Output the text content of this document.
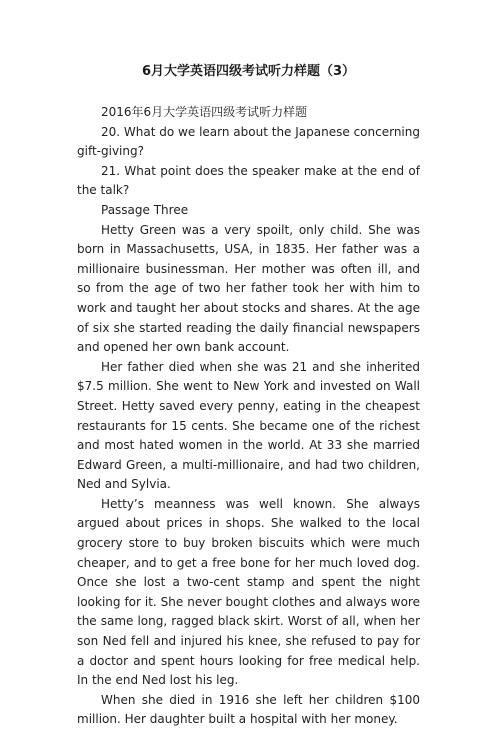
6月大学英语四级考试听力样题（3）

2016年6月大学英语四级考试听力样题

20. What do we learn about the Japanese concerning gift-giving?

21. What point does the speaker make at the end of the talk?

Passage Three

Hetty Green was a very spoilt, only child. She was born in Massachusetts, USA, in 1835. Her father was a millionaire businessman. Her mother was often ill, and so from the age of two her father took her with him to work and taught her about stocks and shares. At the age of six she started reading the daily financial newspapers and opened her own bank account.

Her father died when she was 21 and she inherited $7.5 million. She went to New York and invested on Wall Street. Hetty saved every penny, eating in the cheapest restaurants for 15 cents. She became one of the richest and most hated women in the world. At 33 she married Edward Green, a multi-millionaire, and had two children, Ned and Sylvia.

Hetty’s meanness was well known. She always argued about prices in shops. She walked to the local grocery store to buy broken biscuits which were much cheaper, and to get a free bone for her much loved dog. Once she lost a two-cent stamp and spent the night looking for it. She never bought clothes and always wore the same long, ragged black skirt. Worst of all, when her son Ned fell and injured his knee, she refused to pay for a doctor and spent hours looking for free medical help. In the end Ned lost his leg.

When she died in 1916 she left her children $100 million. Her daughter built a hospital with her money.
